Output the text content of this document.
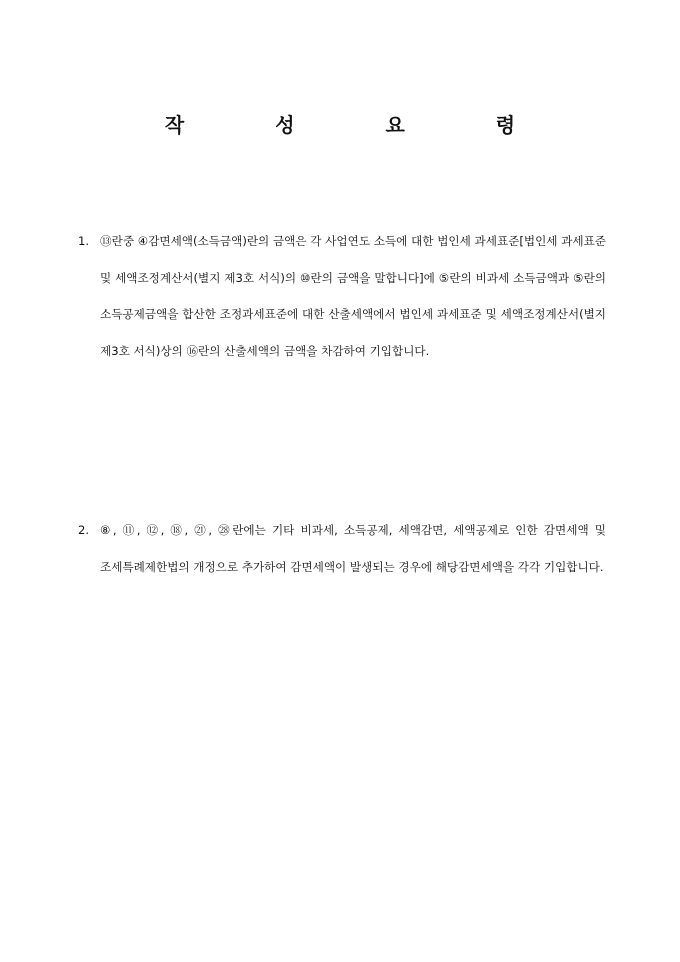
작 성 요 령
1. ⑬란중 ④감면세액(소득금액)란의 금액은 각 사업연도 소득에 대한 법인세 과세표준[법인세 과세표준 및 세액조정계산서(별지 제3호 서식)의 ⑩란의 금액을 말합니다]에 ⑤란의 비과세 소득금액과 ⑤란의 소득공제금액을 합산한 조정과세표준에 대한 산출세액에서 법인세 과세표준 및 세액조정계산서(별지 제3호 서식)상의 ⑯란의 산출세액의 금액을 차감하여 기입합니다.
2. ⑧, ⑪, ⑫, ⑱, ㉑, ㉘란에는 기타 비과세, 소득공제, 세액감면, 세액공제로 인한 감면세액 및 조세특례제한법의 개정으로 추가하여 감면세액이 발생되는 경우에 해당감면세액을 각각 기입합니다.
